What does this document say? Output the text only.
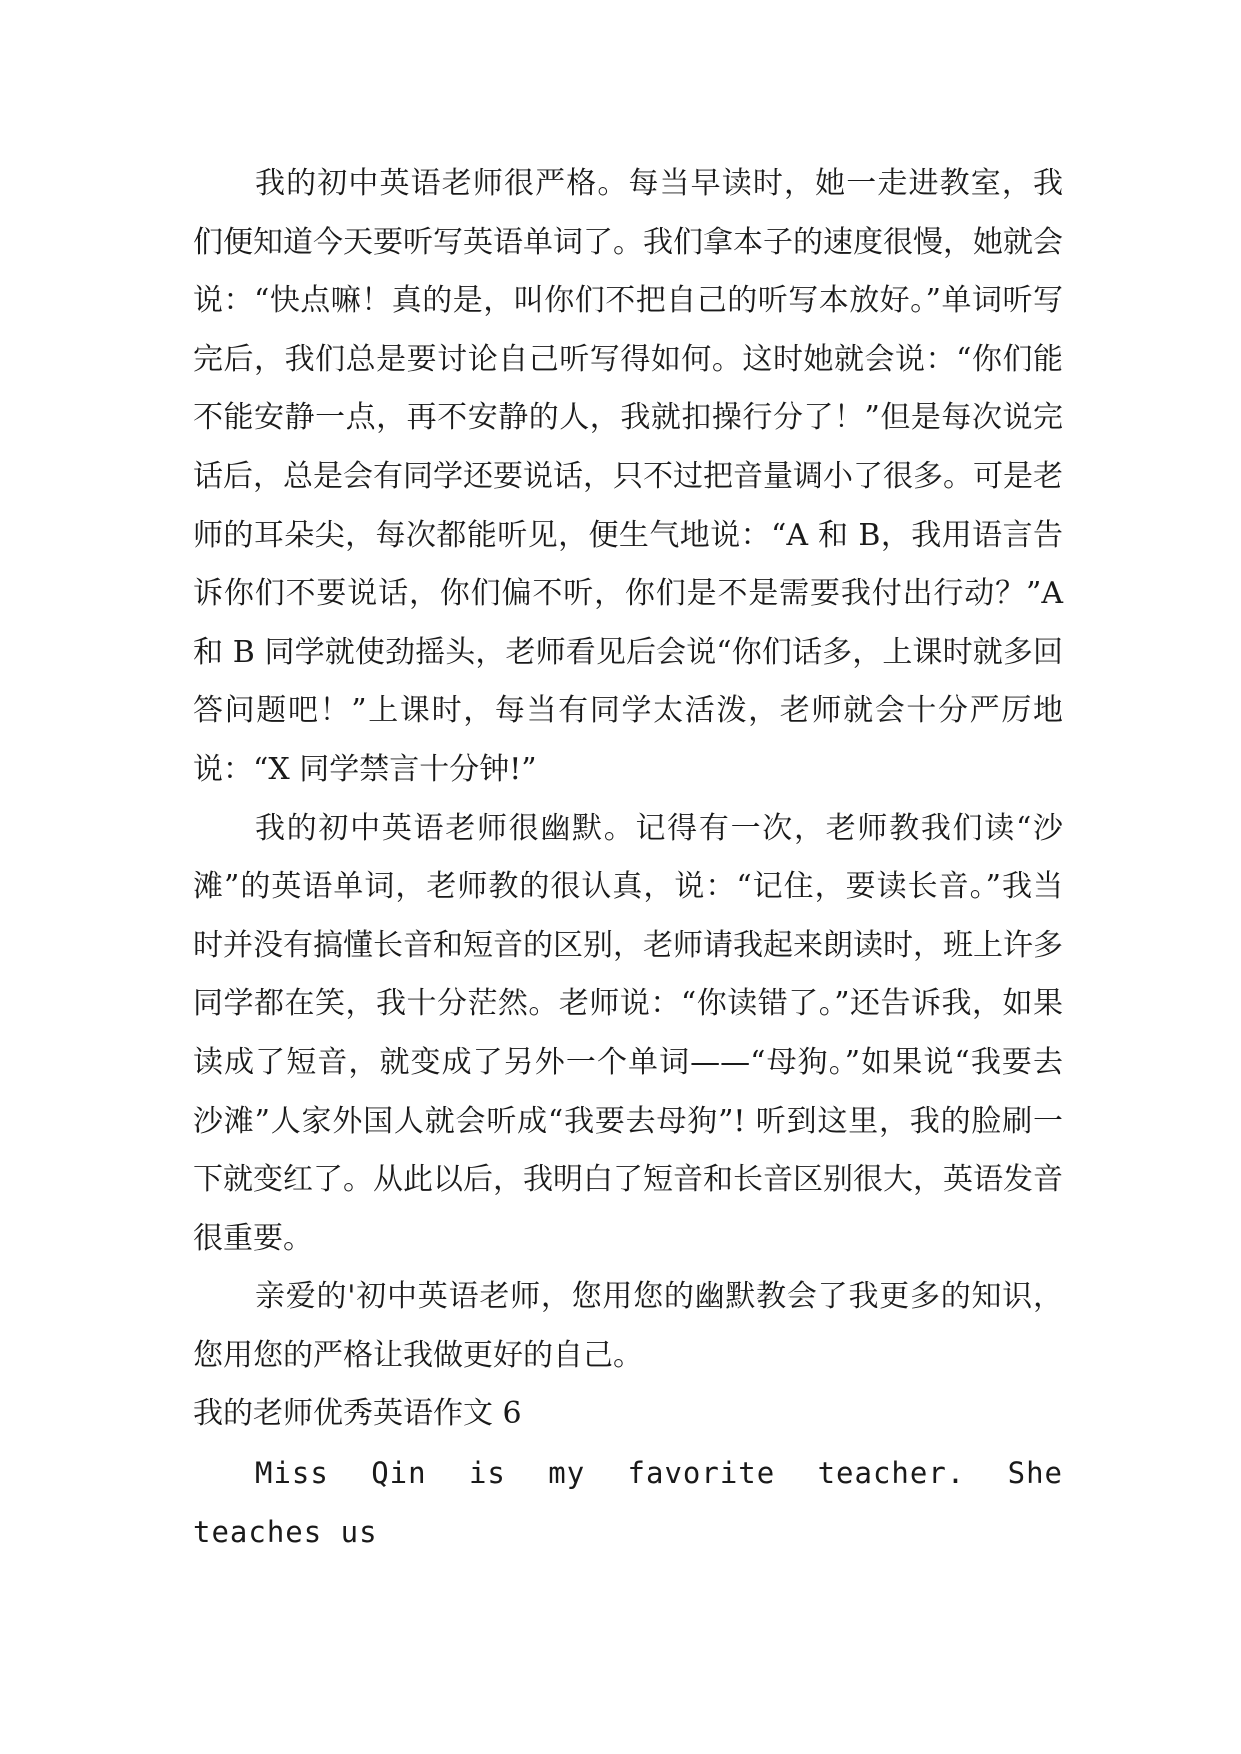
我的初中英语老师很严格。每当早读时，她一走进教室，我们便知道今天要听写英语单词了。我们拿本子的速度很慢，她就会说：“快点嘛！真的是，叫你们不把自己的听写本放好。”单词听写完后，我们总是要讨论自己听写得如何。这时她就会说：“你们能不能安静一点，再不安静的人，我就扣操行分了！”但是每次说完话后，总是会有同学还要说话，只不过把音量调小了很多。可是老师的耳朵尖，每次都能听见，便生气地说：“A 和 B，我用语言告诉你们不要说话，你们偏不听，你们是不是需要我付出行动？”A 和 B 同学就使劲摇头，老师看见后会说“你们话多，上课时就多回答问题吧！”上课时，每当有同学太活泼，老师就会十分严厉地说：“X 同学禁言十分钟!”

我的初中英语老师很幽默。记得有一次，老师教我们读“沙滩”的英语单词，老师教的很认真，说：“记住，要读长音。”我当时并没有搞懂长音和短音的区别，老师请我起来朗读时，班上许多同学都在笑，我十分茫然。老师说：“你读错了。”还告诉我，如果读成了短音，就变成了另外一个单词——“母狗。”如果说“我要去沙滩”人家外国人就会听成“我要去母狗”! 听到这里，我的脸刷一下就变红了。从此以后，我明白了短音和长音区别很大，英语发音很重要。

亲爱的'初中英语老师，您用您的幽默教会了我更多的知识，您用您的严格让我做更好的自己。

我的老师优秀英语作文 6

Miss Qin is my favorite teacher. She teaches us
